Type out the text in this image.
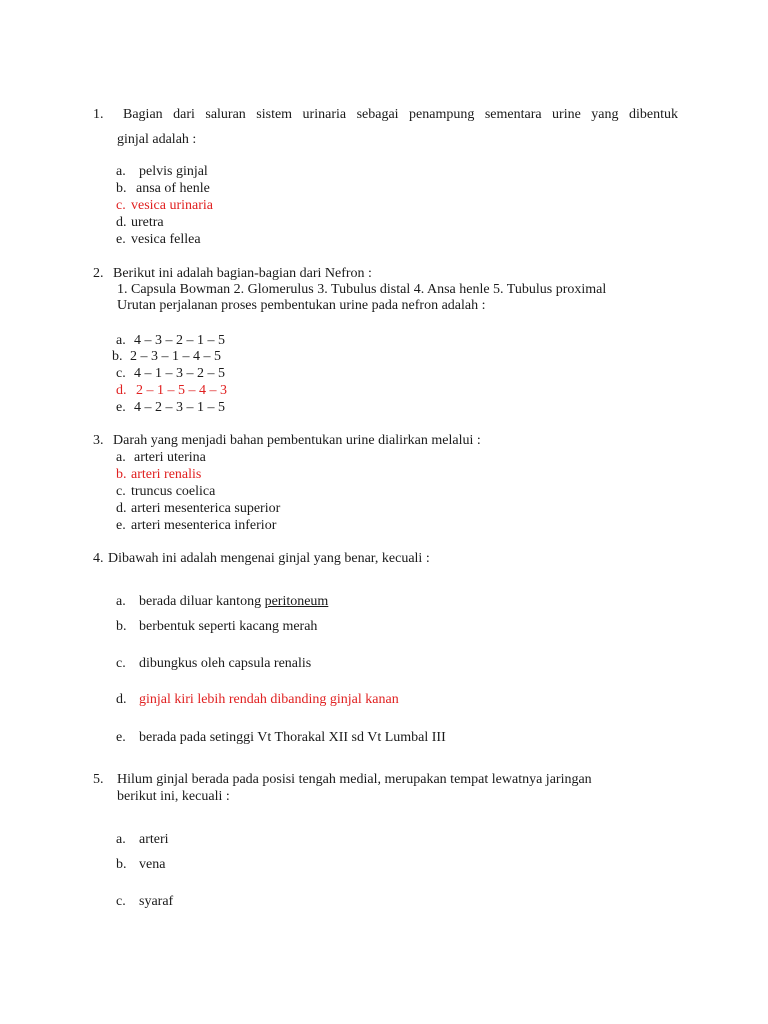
1. Bagian dari saluran sistem urinaria sebagai penampung sementara urine yang dibentuk
ginjal adalah :
a. pelvis ginjal
b. ansa of henle
c. vesica urinaria
d. uretra
e. vesica fellea
2. Berikut ini adalah bagian-bagian dari Nefron :
1. Capsula Bowman 2. Glomerulus 3. Tubulus distal 4. Ansa henle 5. Tubulus proximal
Urutan perjalanan proses pembentukan urine pada nefron adalah :
a. 4 – 3 – 2 – 1 – 5
b. 2 – 3 – 1 – 4 – 5
c. 4 – 1 – 3 – 2 – 5
d. 2 – 1 – 5 – 4 – 3
e. 4 – 2 – 3 – 1 – 5
3. Darah yang menjadi bahan pembentukan urine dialirkan melalui :
a. arteri uterina
b. arteri renalis
c. truncus coelica
d. arteri mesenterica superior
e. arteri mesenterica inferior
4. Dibawah ini adalah mengenai ginjal yang benar, kecuali :
a. berada diluar kantong peritoneum
b. berbentuk seperti kacang merah
c. dibungkus oleh capsula renalis
d. ginjal kiri lebih rendah dibanding ginjal kanan
e. berada pada setinggi Vt Thorakal XII sd Vt Lumbal III
5. Hilum ginjal berada pada posisi tengah medial, merupakan tempat lewatnya jaringan
berikut ini, kecuali :
a. arteri
b. vena
c. syaraf
